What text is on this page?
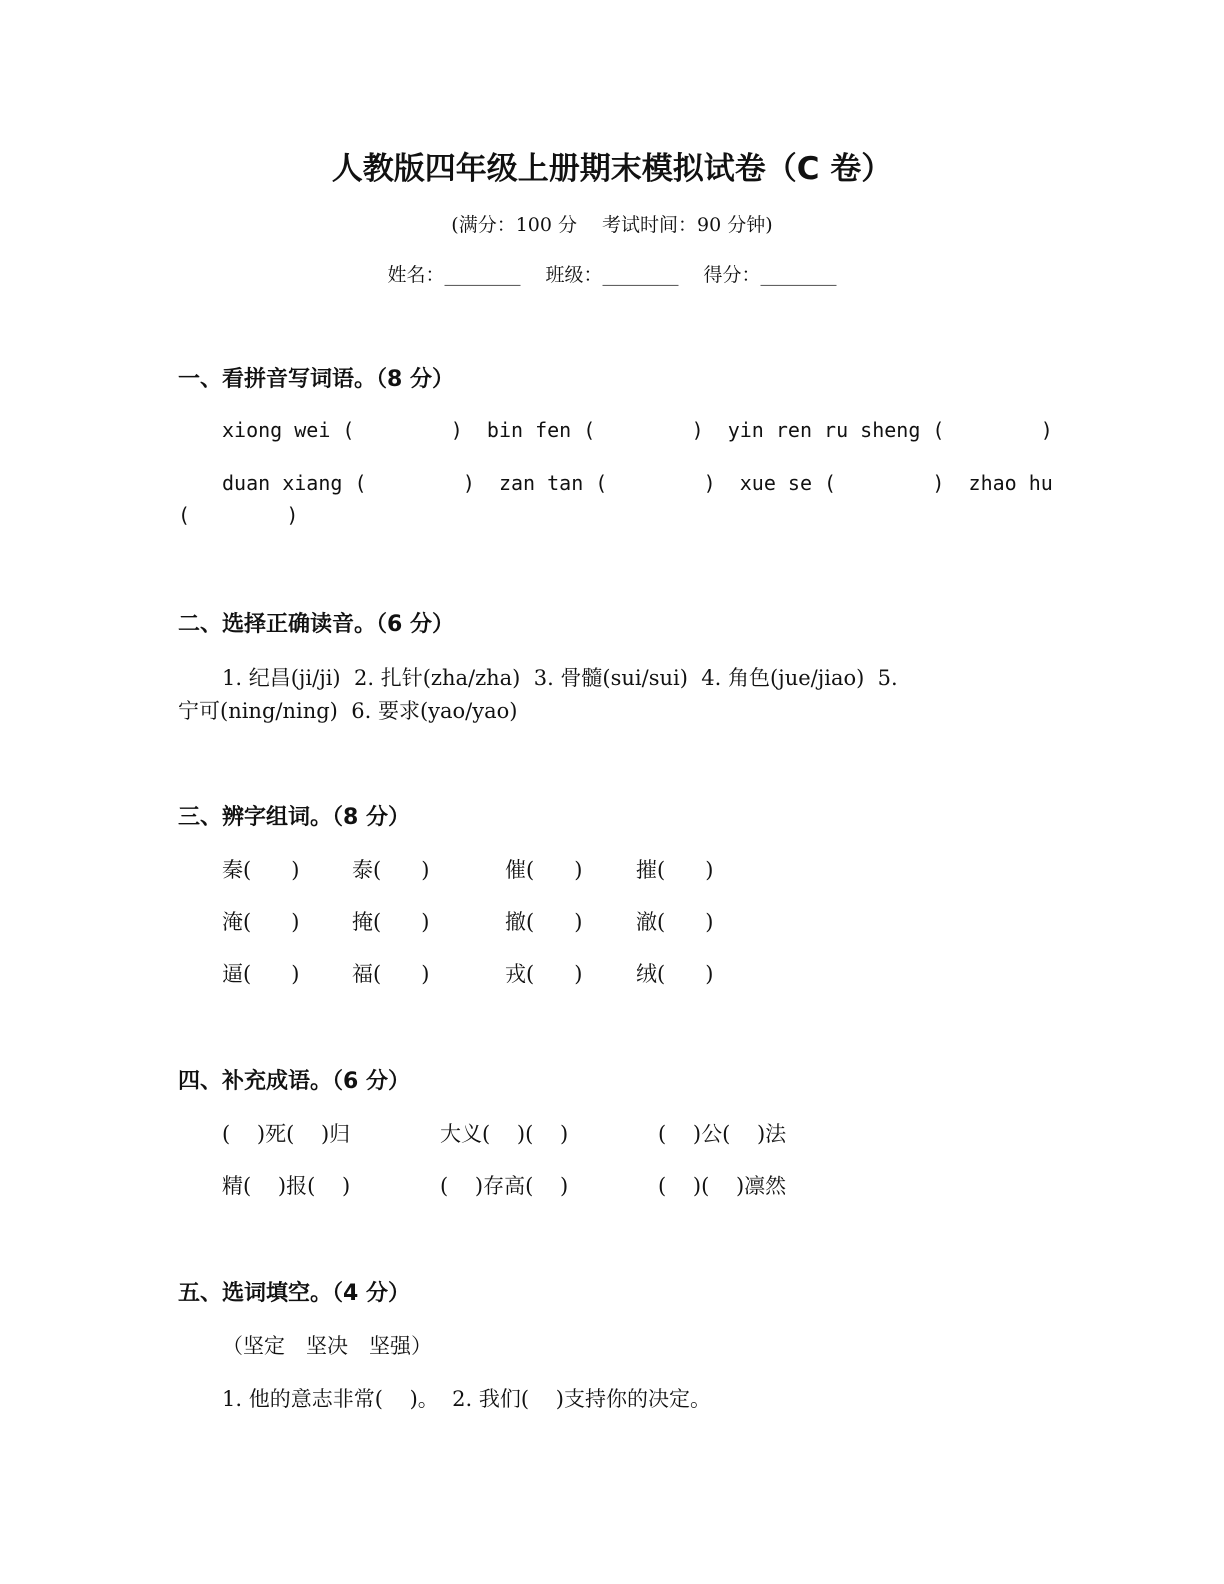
人教版四年级上册期末模拟试卷（C 卷）
(满分：100 分　 考试时间：90 分钟)
姓名：________　 班级：________　 得分：________
一、看拼音写词语。（8 分）
xiong wei (        )  bin fen (        )  yin ren ru sheng (        )
duan xiang (        )  zan tan (        )  xue se (        )  zhao hu
(        )
二、选择正确读音。（6 分）
1. 纪昌(ji/ji)  2. 扎针(zha/zha)  3. 骨髓(sui/sui)  4. 角色(jue/jiao)  5.
宁可(ning/ning)  6. 要求(yao/yao)
三、辨字组词。（8 分）
秦(      )	泰(      )	催(      )	摧(      )
淹(      )	掩(      )	撤(      )	澈(      )
逼(      )	福(      )	戎(      )	绒(      )
四、补充成语。（6 分）
(    )死(    )归	大义(    )(    )	(    )公(    )法
精(    )报(    )	(    )存高(    )	(    )(    )凛然
五、选词填空。（4 分）
（坚定　坚决　坚强）
1. 他的意志非常(    )。  2. 我们(    )支持你的决定。
